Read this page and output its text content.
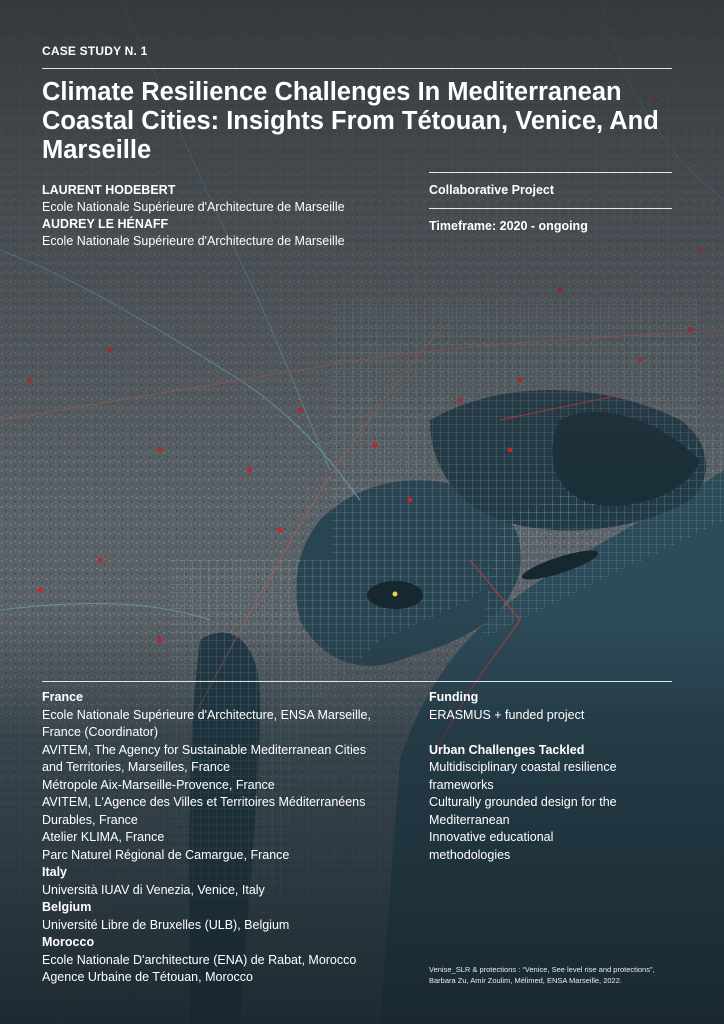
CASE STUDY N. 1
Climate Resilience Challenges In Mediterranean Coastal Cities: Insights From Tétouan, Venice, And Marseille
LAURENT HODEBERT
Ecole Nationale Supérieure d'Architecture de Marseille
AUDREY LE HÉNAFF
Ecole Nationale Supérieure d'Architecture de Marseille
Collaborative Project
Timeframe: 2020 - ongoing
France
Ecole Nationale Supérieure d'Architecture, ENSA Marseille,
France (Coordinator)
AVITEM, The Agency for Sustainable Mediterranean Cities
and Territories, Marseilles, France
Métropole Aix-Marseille-Provence, France
AVITEM, L'Agence des Villes et Territoires Méditerranéens
Durables, France
Atelier KLIMA, France
Parc Naturel Régional de Camargue, France
Italy
Università IUAV di Venezia, Venice, Italy
Belgium
Université Libre de Bruxelles (ULB), Belgium
Morocco
Ecole Nationale D'architecture (ENA) de Rabat, Morocco
Agence Urbaine de Tétouan, Morocco
Funding
ERASMUS + funded project
Urban Challenges Tackled
Multidisciplinary coastal resilience
frameworks
Culturally grounded design for the
Mediterranean
Innovative educational
methodologies
Venise_SLR & protections : “Venice, See level rise and protections”,
Barbara Zu, Amir Zoulim, Mélimed, ENSA Marseille, 2022.
